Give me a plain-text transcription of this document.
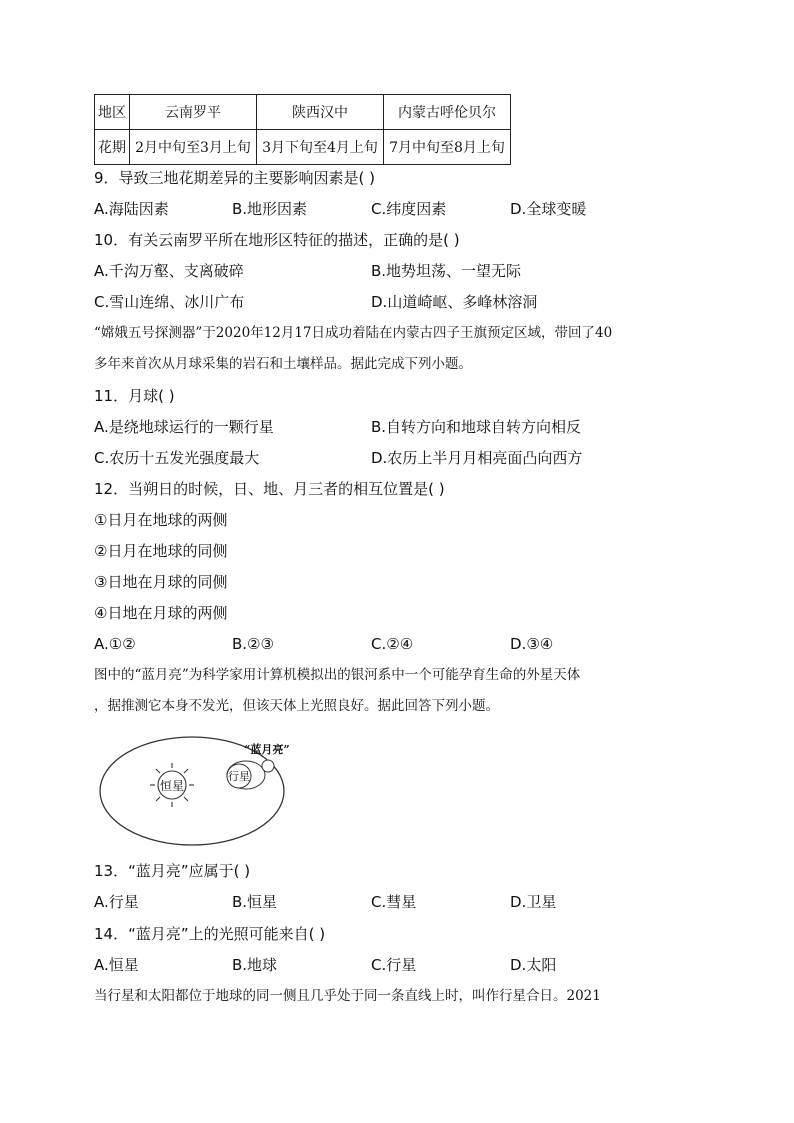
地区	云南罗平	陕西汉中	内蒙古呼伦贝尔
花期	2月中旬至3月上旬	3月下旬至4月上旬	7月中旬至8月上旬
9．导致三地花期差异的主要影响因素是( )
A.海陆因素	B.地形因素	C.纬度因素	D.全球变暖
10．有关云南罗平所在地形区特征的描述，正确的是( )
A.千沟万壑、支离破碎	B.地势坦荡、一望无际
C.雪山连绵、冰川广布	D.山道崎岖、多峰林溶洞
“嫦娥五号探测器”于2020年12月17日成功着陆在内蒙古四子王旗预定区域，带回了40
多年来首次从月球采集的岩石和土壤样品。据此完成下列小题。
11．月球( )
A.是绕地球运行的一颗行星	B.自转方向和地球自转方向相反
C.农历十五发光强度最大	D.农历上半月月相亮面凸向西方
12．当朔日的时候，日、地、月三者的相互位置是( )
①日月在地球的两侧
②日月在地球的同侧
③日地在月球的同侧
④日地在月球的两侧
A.①②	B.②③	C.②④	D.③④
图中的“蓝月亮”为科学家用计算机模拟出的银河系中一个可能孕育生命的外星天体
，据推测它本身不发光，但该天体上光照良好。据此回答下列小题。
恒星
行星
“蓝月亮”
13．“蓝月亮”应属于( )
A.行星	B.恒星	C.彗星	D.卫星
14．“蓝月亮”上的光照可能来自( )
A.恒星	B.地球	C.行星	D.太阳
当行星和太阳都位于地球的同一侧且几乎处于同一条直线上时，叫作行星合日。2021
